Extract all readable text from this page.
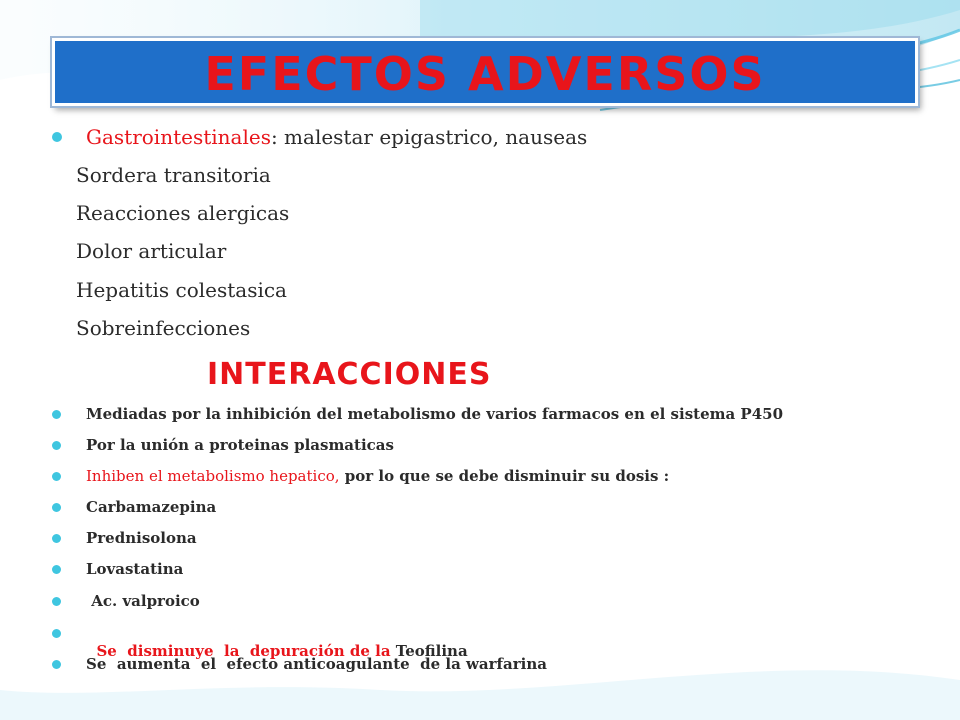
EFECTOS ADVERSOS
Gastrointestinales: malestar epigastrico, nauseas
Sordera transitoria
Reacciones alergicas
Dolor articular
Hepatitis colestasica
Sobreinfecciones
INTERACCIONES
Mediadas por la inhibición del metabolismo de varios farmacos en el sistema P450
Por la unión a proteinas plasmaticas
Inhiben el metabolismo hepatico, por lo que se debe disminuir su dosis :
Carbamazepina
Prednisolona
Lovastatina
Ac. valproico

Se  disminuye  la  depuración de la Teofilina

Se  aumenta  el  efecto anticoagulante  de la warfarina
